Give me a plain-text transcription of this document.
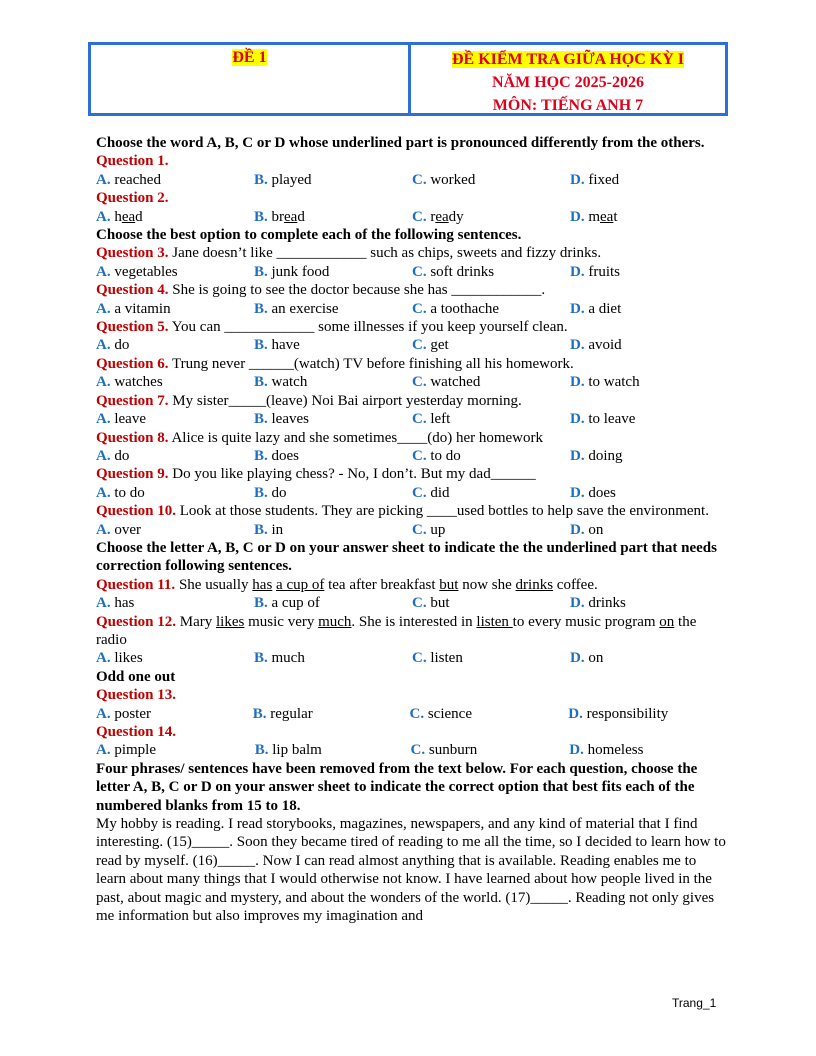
ĐỀ 1	ĐỀ KIỂM TRA GIỮA HỌC KỲ I
NĂM HỌC 2025-2026
MÔN: TIẾNG ANH 7

Choose the word A, B, C or D whose underlined part is pronounced differently from the others.

Question 1.

A. reached	B. played	C. worked	D. fixed

Question 2.

A. head	B. bread	C. ready	D. meat

Choose the best option to complete each of the following sentences.

Question 3. Jane doesn’t like ____________ such as chips, sweets and fizzy drinks.

A. vegetables	B. junk food	C. soft drinks	D. fruits

Question 4. She is going to see the doctor because she has ____________.

A. a vitamin	B. an exercise	C. a toothache	D. a diet

Question 5. You can ____________ some illnesses if you keep yourself clean.

A. do	B. have	C. get	D. avoid

Question 6. Trung never ______(watch) TV before finishing all his homework.

A. watches	B. watch	C. watched	D. to watch

Question 7. My sister_____(leave) Noi Bai airport yesterday morning.

A. leave	B. leaves	C. left	D. to leave

Question 8. Alice is quite lazy and she sometimes____(do) her homework

A. do	B. does	C. to do	D. doing

Question 9. Do you like playing chess? - No, I don’t. But my dad______

A. to do	B. do	C. did	D. does

Question 10. Look at those students. They are picking ____used bottles to help save the environment.

A. over	B. in	C. up	D. on

Choose the letter A, B, C or D on your answer sheet to indicate the the underlined part that needs correction following sentences.

Question 11. She usually has a cup of tea after breakfast but now she drinks coffee.

A. has	B. a cup of	C. but	D. drinks

Question 12. Mary likes music very much. She is interested in listen to every music program on the radio

A. likes	B. much	C. listen	D. on

Odd one out

Question 13.

A. poster	B. regular	C. science	D. responsibility

Question 14.

A. pimple	B. lip balm	C. sunburn	D. homeless

Four phrases/ sentences have been removed from the text below. For each question, choose the letter A, B, C or D on your answer sheet to indicate the correct option that best fits each of the numbered blanks from 15 to 18.

My hobby is reading. I read storybooks, magazines, newspapers, and any kind of material that I find interesting. (15)_____. Soon they became tired of reading to me all the time, so I decided to learn how to read by myself. (16)_____. Now I can read almost anything that is available. Reading enables me to learn about many things that I would otherwise not know. I have learned about how people lived in the past, about magic and mystery, and about the wonders of the world. (17)_____. Reading not only gives me information but also improves my imagination and

Trang_1
